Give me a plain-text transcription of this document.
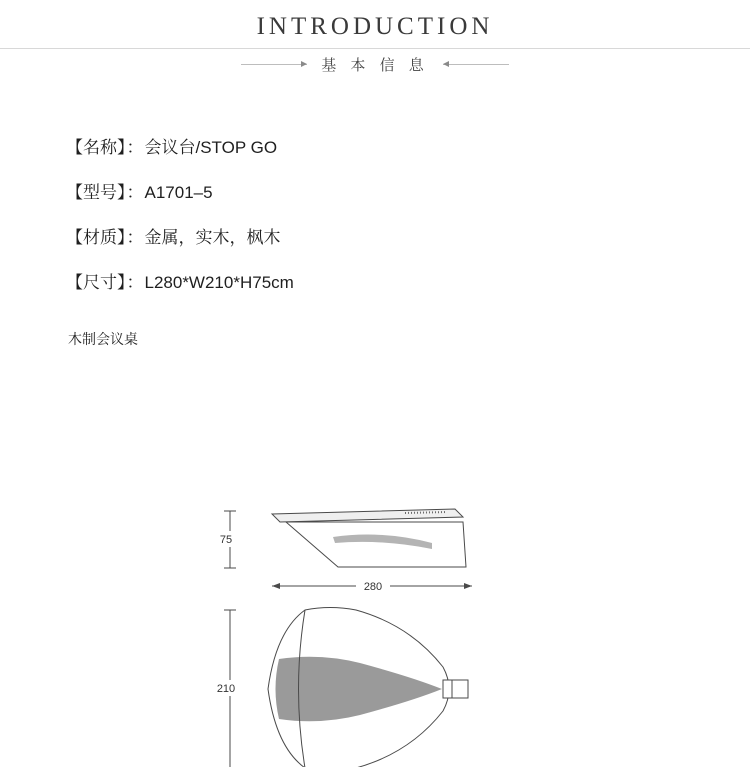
INTRODUCTION
基 本 信 息
【名称】：会议台/STOP GO
【型号】：A1701–5
【材质】：金属，实木，枫木
【尺寸】：L280*W210*H75cm
木制会议桌
75
280
210
